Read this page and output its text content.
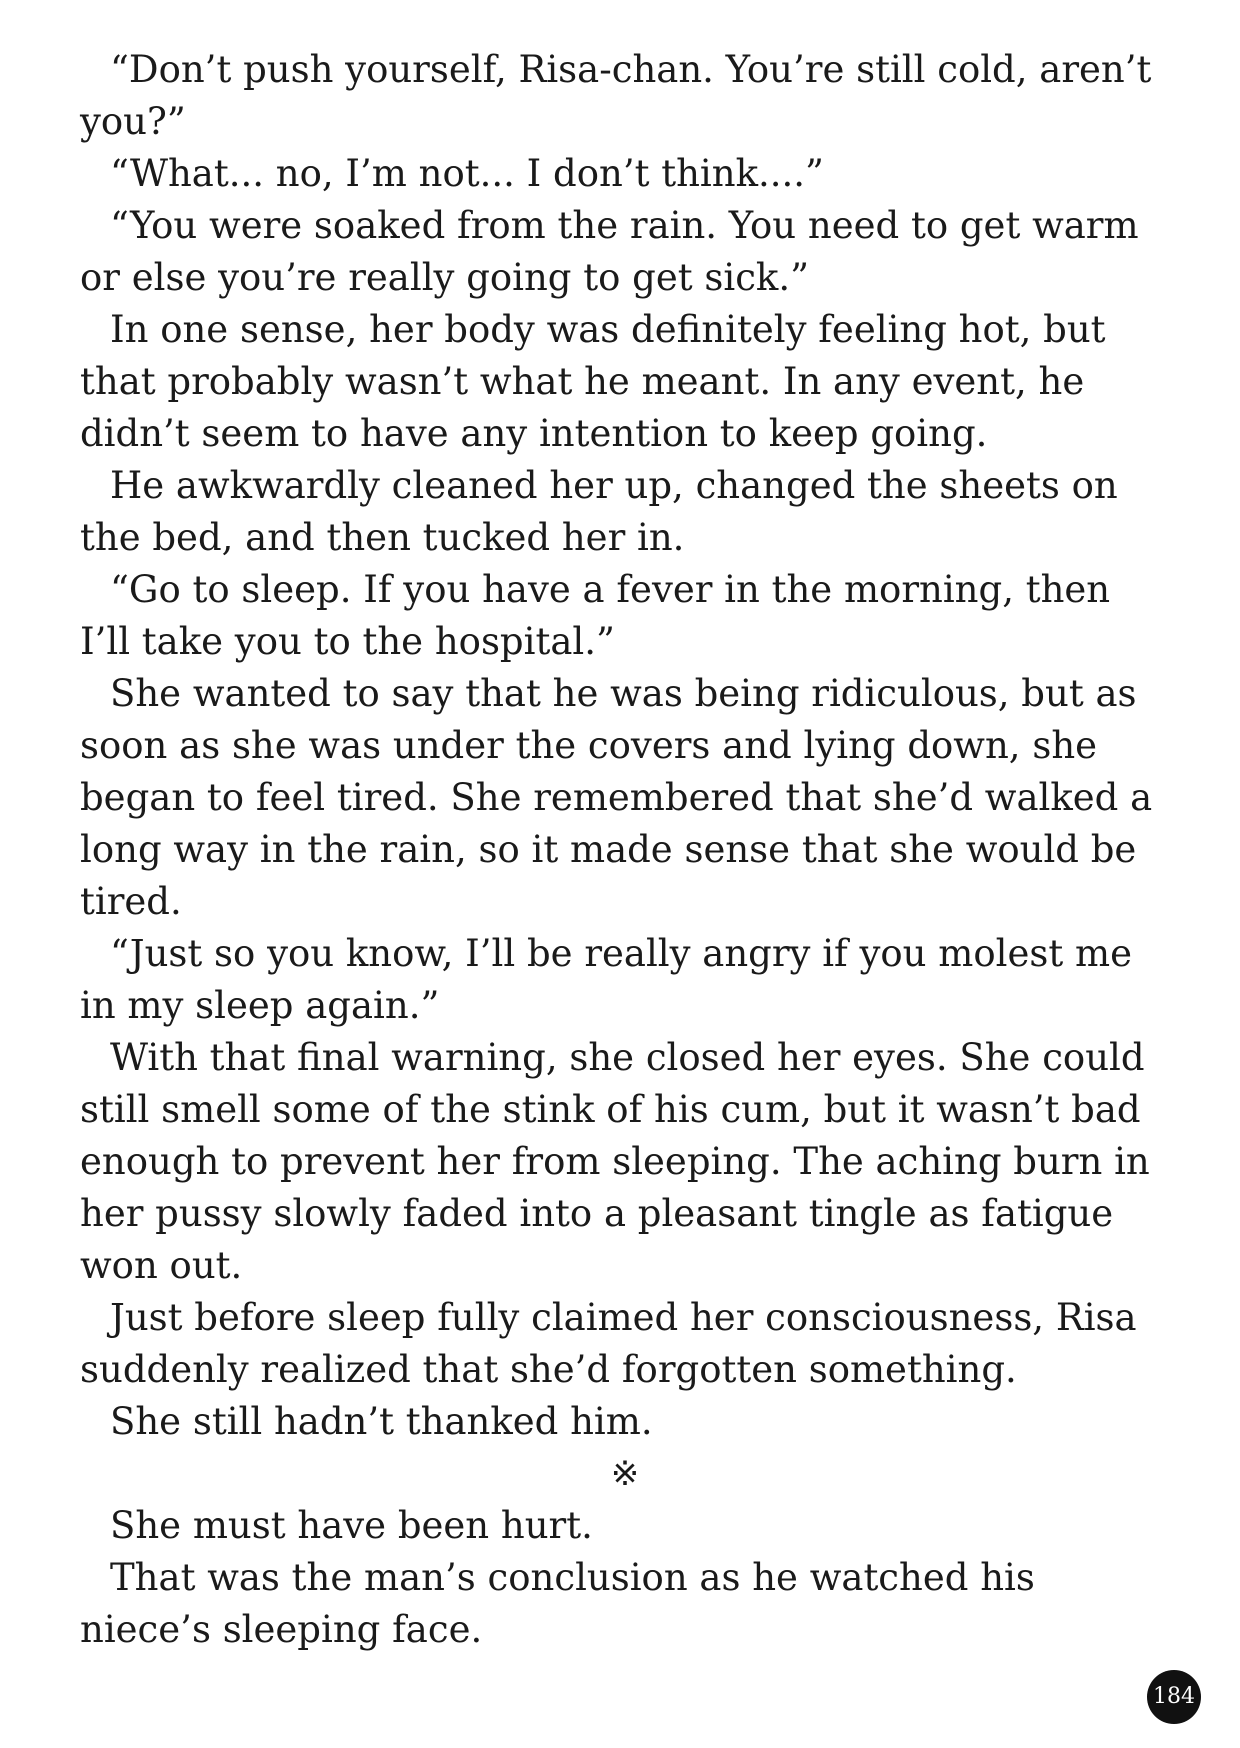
“Don’t push yourself, Risa-chan. You’re still cold, aren’t you?”

“What... no, I’m not... I don’t think....”

“You were soaked from the rain. You need to get warm or else you’re really going to get sick.”

In one sense, her body was definitely feeling hot, but that probably wasn’t what he meant. In any event, he didn’t seem to have any intention to keep going.

He awkwardly cleaned her up, changed the sheets on the bed, and then tucked her in.

“Go to sleep. If you have a fever in the morning, then I’ll take you to the hospital.”

She wanted to say that he was being ridiculous, but as soon as she was under the covers and lying down, she began to feel tired. She remembered that she’d walked a long way in the rain, so it made sense that she would be tired.

“Just so you know, I’ll be really angry if you molest me in my sleep again.”

With that final warning, she closed her eyes. She could still smell some of the stink of his cum, but it wasn’t bad enough to prevent her from sleeping. The aching burn in her pussy slowly faded into a pleasant tingle as fatigue won out.

Just before sleep fully claimed her consciousness, Risa suddenly realized that she’d forgotten something.

She still hadn’t thanked him.

※

She must have been hurt.

That was the man’s conclusion as he watched his niece’s sleeping face.

184
